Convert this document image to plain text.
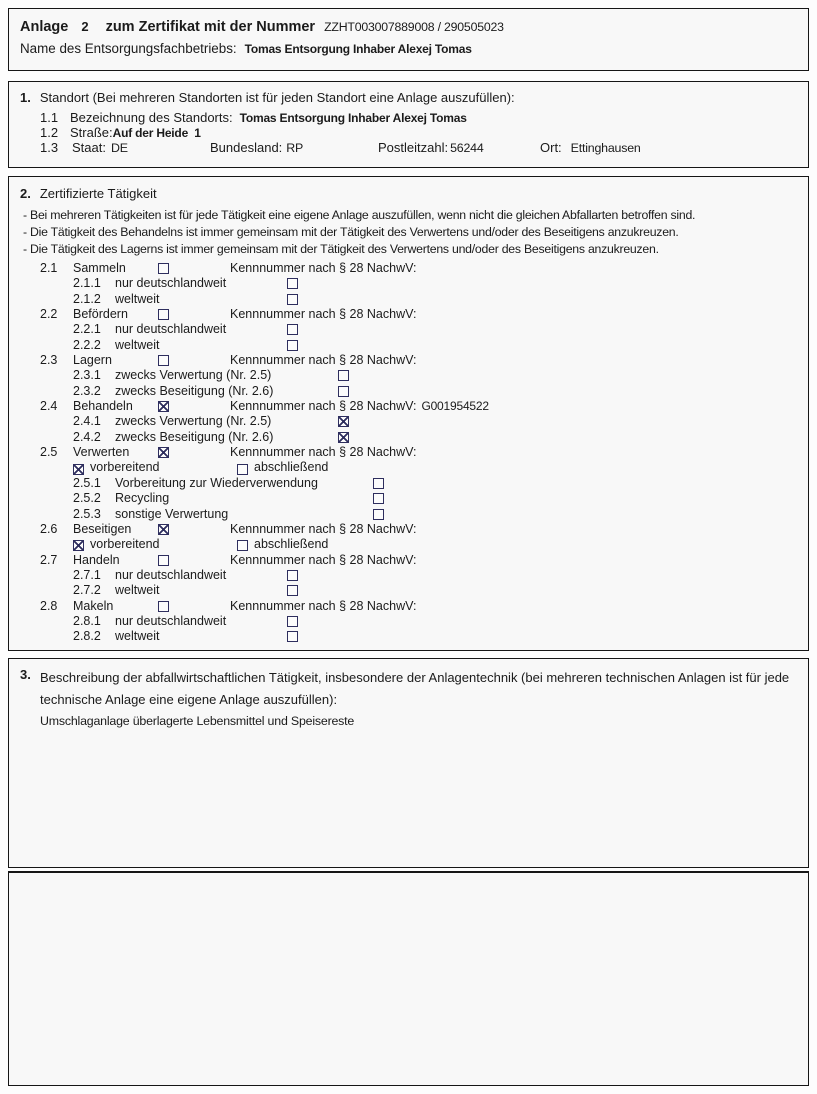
Anlage 2 zum Zertifikat mit der Nummer ZZHT003007889008 / 290505023
Name des Entsorgungsfachbetriebs: Tomas Entsorgung Inhaber Alexej Tomas
1. Standort (Bei mehreren Standorten ist für jeden Standort eine Anlage auszufüllen):
1.1 Bezeichnung des Standorts: Tomas Entsorgung Inhaber Alexej Tomas
1.2 Straße:Auf der Heide  1
1.3 Staat: DE	Bundesland: RP	Postleitzahl: 56244	Ort: Ettinghausen
2. Zertifizierte Tätigkeit
- Bei mehreren Tätigkeiten ist für jede Tätigkeit eine eigene Anlage auszufüllen, wenn nicht die gleichen Abfallarten betroffen sind.
- Die Tätigkeit des Behandelns ist immer gemeinsam mit der Tätigkeit des Verwertens und/oder des Beseitigens anzukreuzen.
- Die Tätigkeit des Lagerns ist immer gemeinsam mit der Tätigkeit des Verwertens und/oder des Beseitigens anzukreuzen.
2.1 Sammeln	Kennnummer nach § 28 NachwV:
2.1.1 nur deutschlandweit
2.1.2 weltweit
2.2 Befördern	Kennnummer nach § 28 NachwV:
2.2.1 nur deutschlandweit
2.2.2 weltweit
2.3 Lagern	Kennnummer nach § 28 NachwV:
2.3.1 zwecks Verwertung (Nr. 2.5)
2.3.2 zwecks Beseitigung (Nr. 2.6)
2.4 Behandeln	Kennnummer nach § 28 NachwV: G001954522
2.4.1 zwecks Verwertung (Nr. 2.5)
2.4.2 zwecks Beseitigung (Nr. 2.6)
2.5 Verwerten	Kennnummer nach § 28 NachwV:
vorbereitend	abschließend
2.5.1 Vorbereitung zur Wiederverwendung
2.5.2 Recycling
2.5.3 sonstige Verwertung
2.6 Beseitigen	Kennnummer nach § 28 NachwV:
vorbereitend	abschließend
2.7 Handeln	Kennnummer nach § 28 NachwV:
2.7.1 nur deutschlandweit
2.7.2 weltweit
2.8 Makeln	Kennnummer nach § 28 NachwV:
2.8.1 nur deutschlandweit
2.8.2 weltweit
3. Beschreibung der abfallwirtschaftlichen Tätigkeit, insbesondere der Anlagentechnik (bei mehreren technischen Anlagen ist für jede technische Anlage eine eigene Anlage auszufüllen):
Umschlaganlage überlagerte Lebensmittel und Speisereste
